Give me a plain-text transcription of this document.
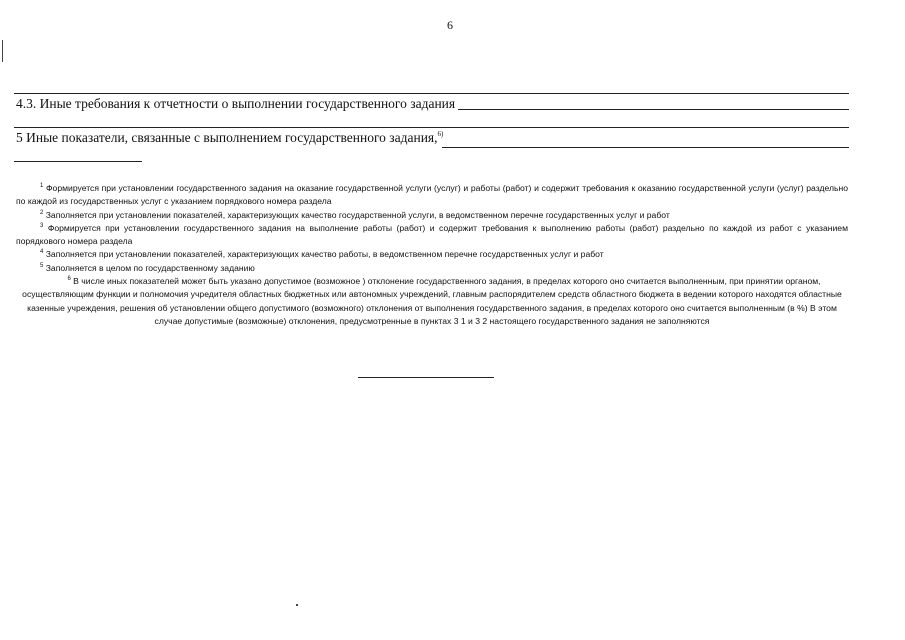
6
4.3. Иные требования к отчетности о выполнении государственного задания
5 Иные показатели, связанные с выполнением государственного задания,$^{6)}$

$^1$ Формируется при установлении государственного задания на оказание государственной услуги (услуг) и работы (работ) и содержит требования к оказанию государственной услуги (услуг) раздельно по каждой из государственных услуг с указанием порядкового номера раздела

$^2$ Заполняется при установлении показателей, характеризующих качество государственной услуги, в ведомственном перечне государственных услуг и работ

$^3$ Формируется при установлении государственного задания на выполнение работы (работ) и содержит требования к выполнению работы (работ) раздельно по каждой из работ с указанием порядкового номера раздела

$^4$ Заполняется при установлении показателей, характеризующих качество работы, в ведомственном перечне государственных услуг и работ

$^5$ Заполняется в целом по государственному заданию

$^6$ В числе иных показателей может быть указано допустимое (возможное ) отклонение государственного задания, в пределах которого оно считается выполненным, при принятии органом, осуществляющим функции и полномочия учредителя областных бюджетных или автономных учреждений, главным распорядителем средств областного бюджета в ведении которого находятся областные казенные учреждения, решения об установлении общего допустимого (возможного) отклонения от выполнения государственного задания, в пределах которого оно считается выполненным (в %) В этом случае допустимые (возможные) отклонения, предусмотренные в пунктах 3 1 и 3 2 настоящего государственного задания не заполняются
